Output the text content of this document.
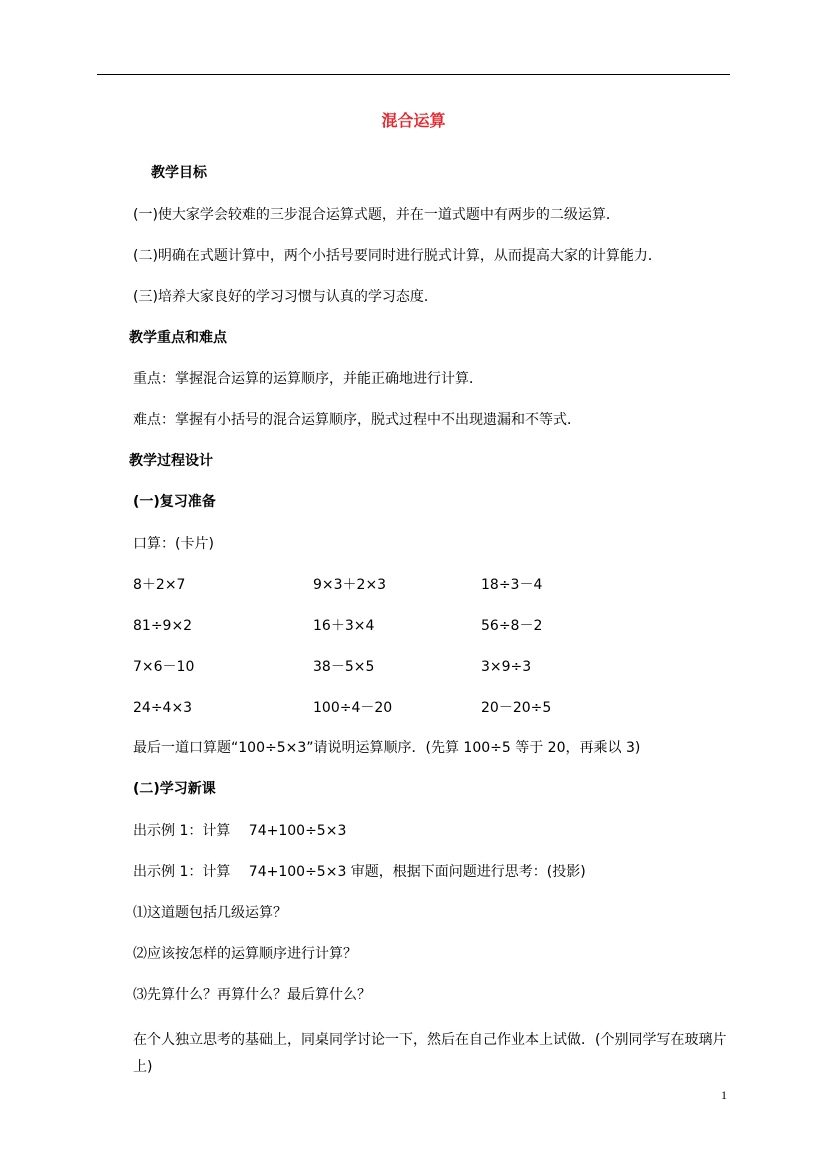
混合运算
教学目标
(一)使大家学会较难的三步混合运算式题，并在一道式题中有两步的二级运算．
(二)明确在式题计算中，两个小括号要同时进行脱式计算，从而提高大家的计算能力．
(三)培养大家良好的学习习惯与认真的学习态度．
教学重点和难点
重点：掌握混合运算的运算顺序，并能正确地进行计算．
难点：掌握有小括号的混合运算顺序，脱式过程中不出现遗漏和不等式．
教学过程设计
(一)复习准备
口算：(卡片)
8＋2×7	9×3＋2×3	18÷3－4
81÷9×2	16＋3×4	56÷8－2
7×6－10	38－5×5	3×9÷3
24÷4×3	100÷4－20	20－20÷5
最后一道口算题“100÷5×3”请说明运算顺序．(先算 100÷5 等于 20，再乘以 3)
(二)学习新课
出示例 1：计算　 74+100÷5×3
出示例 1：计算　 74+100÷5×3 审题，根据下面问题进行思考：(投影)
⑴这道题包括几级运算？
⑵应该按怎样的运算顺序进行计算？
⑶先算什么？再算什么？最后算什么？
在个人独立思考的基础上，同桌同学讨论一下，然后在自己作业本上试做．(个别同学写在玻璃片上)
1
